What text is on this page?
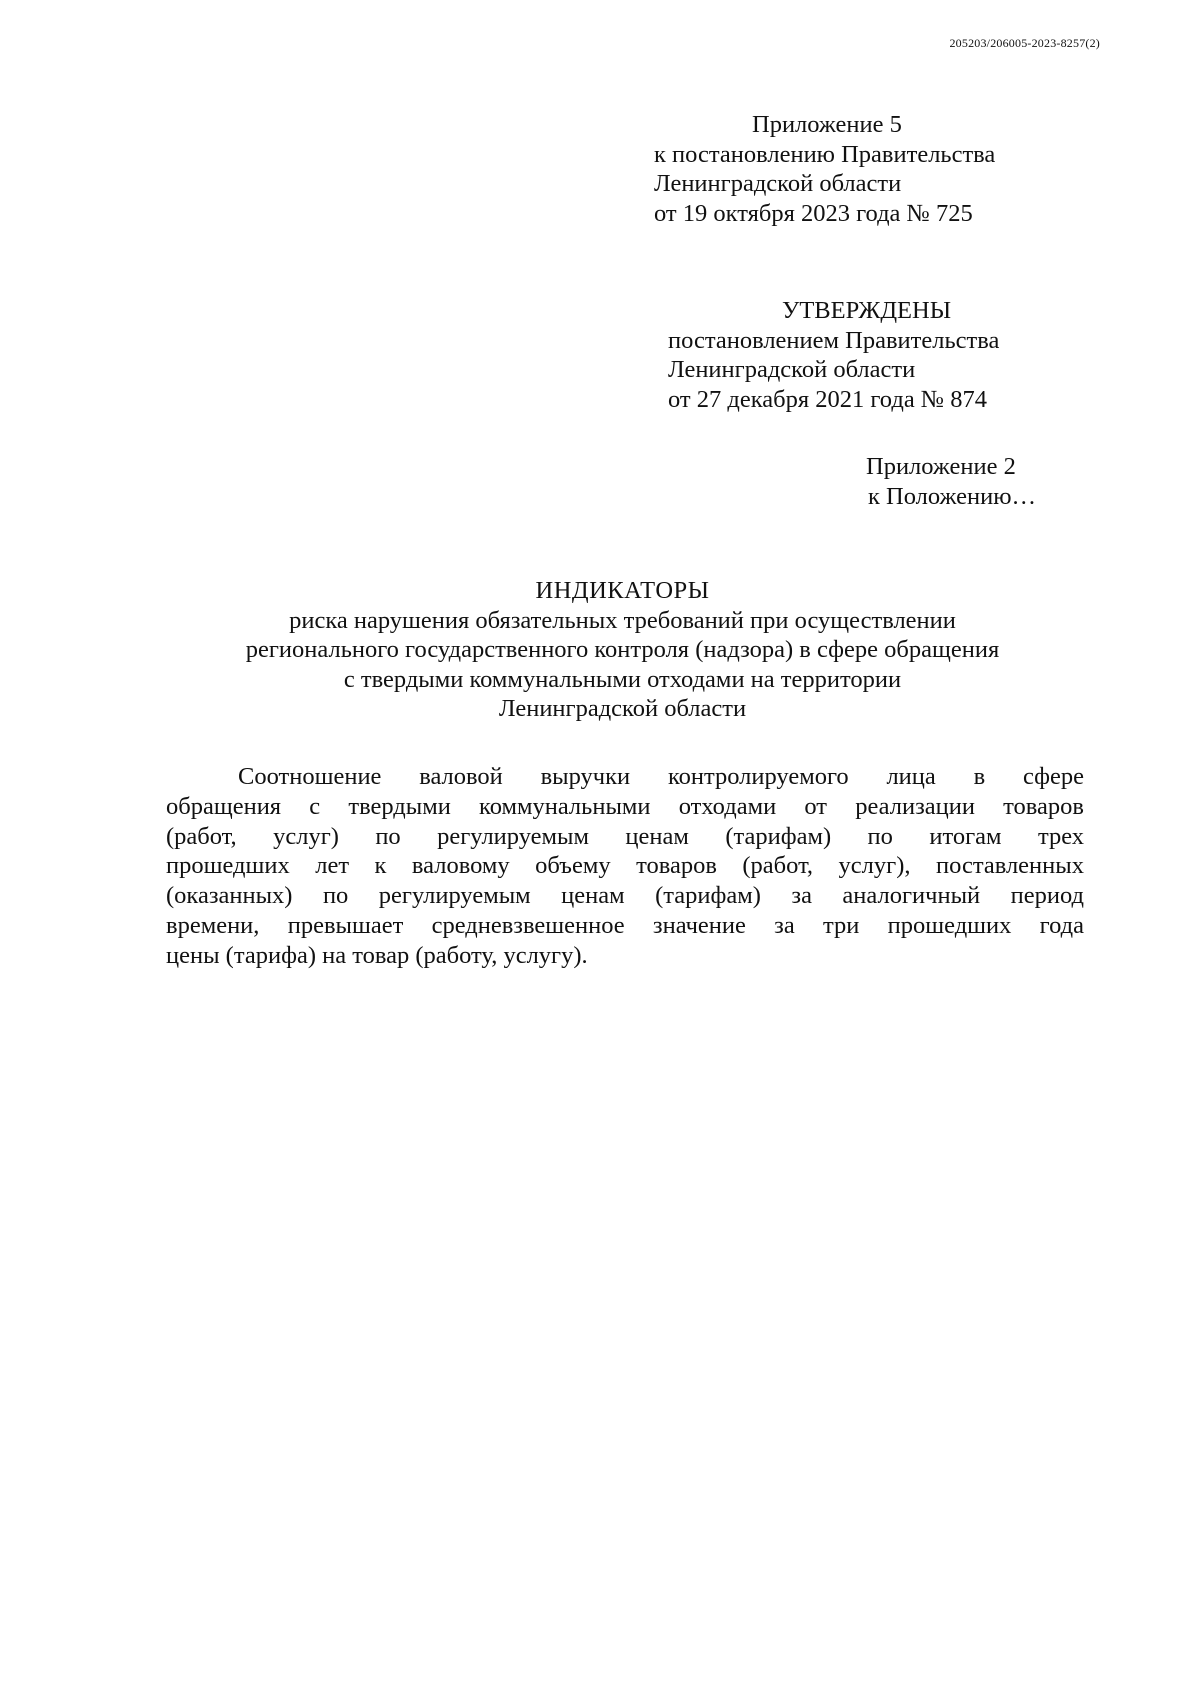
205203/206005-2023-8257(2)
Приложение 5
к постановлению Правительства
Ленинградской области
от 19 октября 2023 года № 725
УТВЕРЖДЕНЫ
постановлением Правительства
Ленинградской области
от 27 декабря 2021 года № 874
Приложение 2
к Положению…
ИНДИКАТОРЫ
риска нарушения обязательных требований при осуществлении
регионального государственного контроля (надзора) в сфере обращения
с твердыми коммунальными отходами на территории
Ленинградской области
Соотношение валовой выручки контролируемого лица в сфере
обращения с твердыми коммунальными отходами от реализации товаров
(работ, услуг) по регулируемым ценам (тарифам) по итогам трех
прошедших лет к валовому объему товаров (работ, услуг), поставленных
(оказанных) по регулируемым ценам (тарифам) за аналогичный период
времени, превышает средневзвешенное значение за три прошедших года
цены (тарифа) на товар (работу, услугу).
